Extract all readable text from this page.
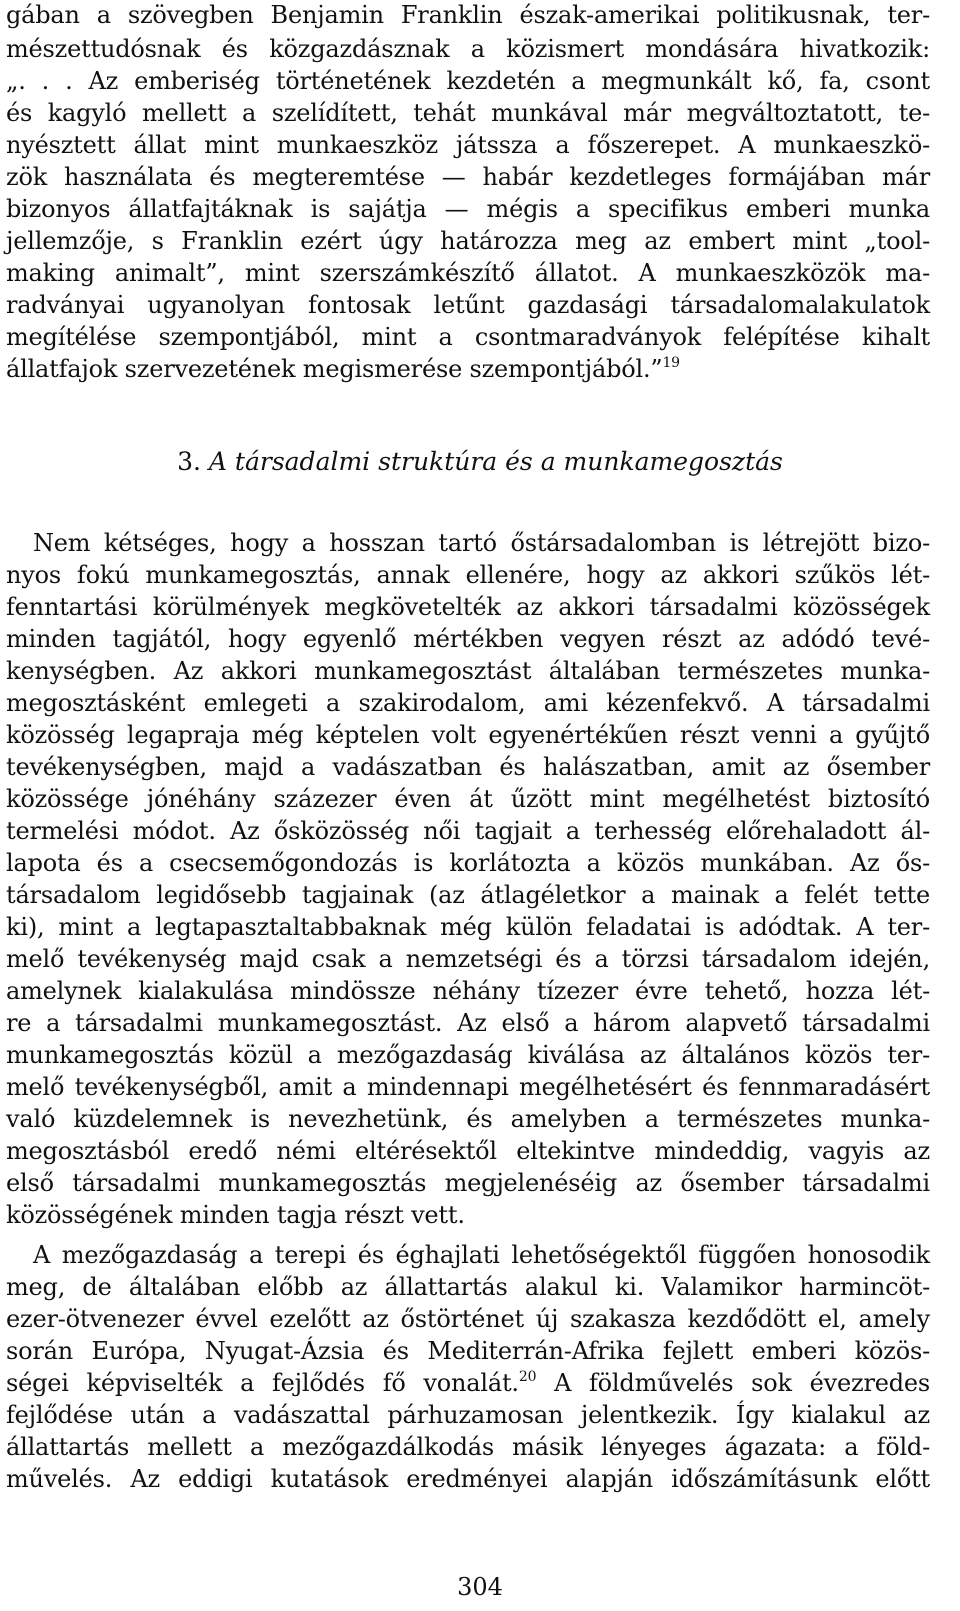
gában a szövegben Benjamin Franklin észak-amerikai politikusnak, ter-
mészettudósnak és közgazdásznak a közismert mondására hivatkozik:
„. . . Az emberiség történetének kezdetén a megmunkált kő, fa, csont
és kagyló mellett a szelídített, tehát munkával már megváltoztatott, te-
nyésztett állat mint munkaeszköz játssza a főszerepet. A munkaeszkö-
zök használata és megteremtése — habár kezdetleges formájában már
bizonyos állatfajtáknak is sajátja — mégis a specifikus emberi munka
jellemzője, s Franklin ezért úgy határozza meg az embert mint „tool-
making animalt”, mint szerszámkészítő állatot. A munkaeszközök ma-
radványai ugyanolyan fontosak letűnt gazdasági társadalomalakulatok
megítélése szempontjából, mint a csontmaradványok felépítése kihalt
állatfajok szervezetének megismerése szempontjából.”$^{19}$
3. A társadalmi struktúra és a munkamegosztás
Nem kétséges, hogy a hosszan tartó őstársadalomban is létrejött bizo-
nyos fokú munkamegosztás, annak ellenére, hogy az akkori szűkös lét-
fenntartási körülmények megkövetelték az akkori társadalmi közösségek
minden tagjától, hogy egyenlő mértékben vegyen részt az adódó tevé-
kenységben. Az akkori munkamegosztást általában természetes munka-
megosztásként emlegeti a szakirodalom, ami kézenfekvő. A társadalmi
közösség legapraja még képtelen volt egyenértékűen részt venni a gyűjtő
tevékenységben, majd a vadászatban és halászatban, amit az ősember
közössége jónéhány százezer éven át űzött mint megélhetést biztosító
termelési módot. Az ősközösség női tagjait a terhesség előrehaladott ál-
lapota és a csecsemőgondozás is korlátozta a közös munkában. Az ős-
társadalom legidősebb tagjainak (az átlagéletkor a mainak a felét tette
ki), mint a legtapasztaltabbaknak még külön feladatai is adódtak. A ter-
melő tevékenység majd csak a nemzetségi és a törzsi társadalom idején,
amelynek kialakulása mindössze néhány tízezer évre tehető, hozza lét-
re a társadalmi munkamegosztást. Az első a három alapvető társadalmi
munkamegosztás közül a mezőgazdaság kiválása az általános közös ter-
melő tevékenységből, amit a mindennapi megélhetésért és fennmaradásért
való küzdelemnek is nevezhetünk, és amelyben a természetes munka-
megosztásból eredő némi eltérésektől eltekintve mindeddig, vagyis az
első társadalmi munkamegosztás megjelenéséig az ősember társadalmi
közösségének minden tagja részt vett.
A mezőgazdaság a terepi és éghajlati lehetőségektől függően honosodik
meg, de általában előbb az állattartás alakul ki. Valamikor harmincöt-
ezer-ötvenezer évvel ezelőtt az őstörténet új szakasza kezdődött el, amely
során Európa, Nyugat-Ázsia és Mediterrán-Afrika fejlett emberi közös-
ségei képviselték a fejlődés fő vonalát.$^{20}$ A földművelés sok évezredes
fejlődése után a vadászattal párhuzamosan jelentkezik. Így kialakul az
állattartás mellett a mezőgazdálkodás másik lényeges ágazata: a föld-
művelés. Az eddigi kutatások eredményei alapján időszámításunk előtt
304
